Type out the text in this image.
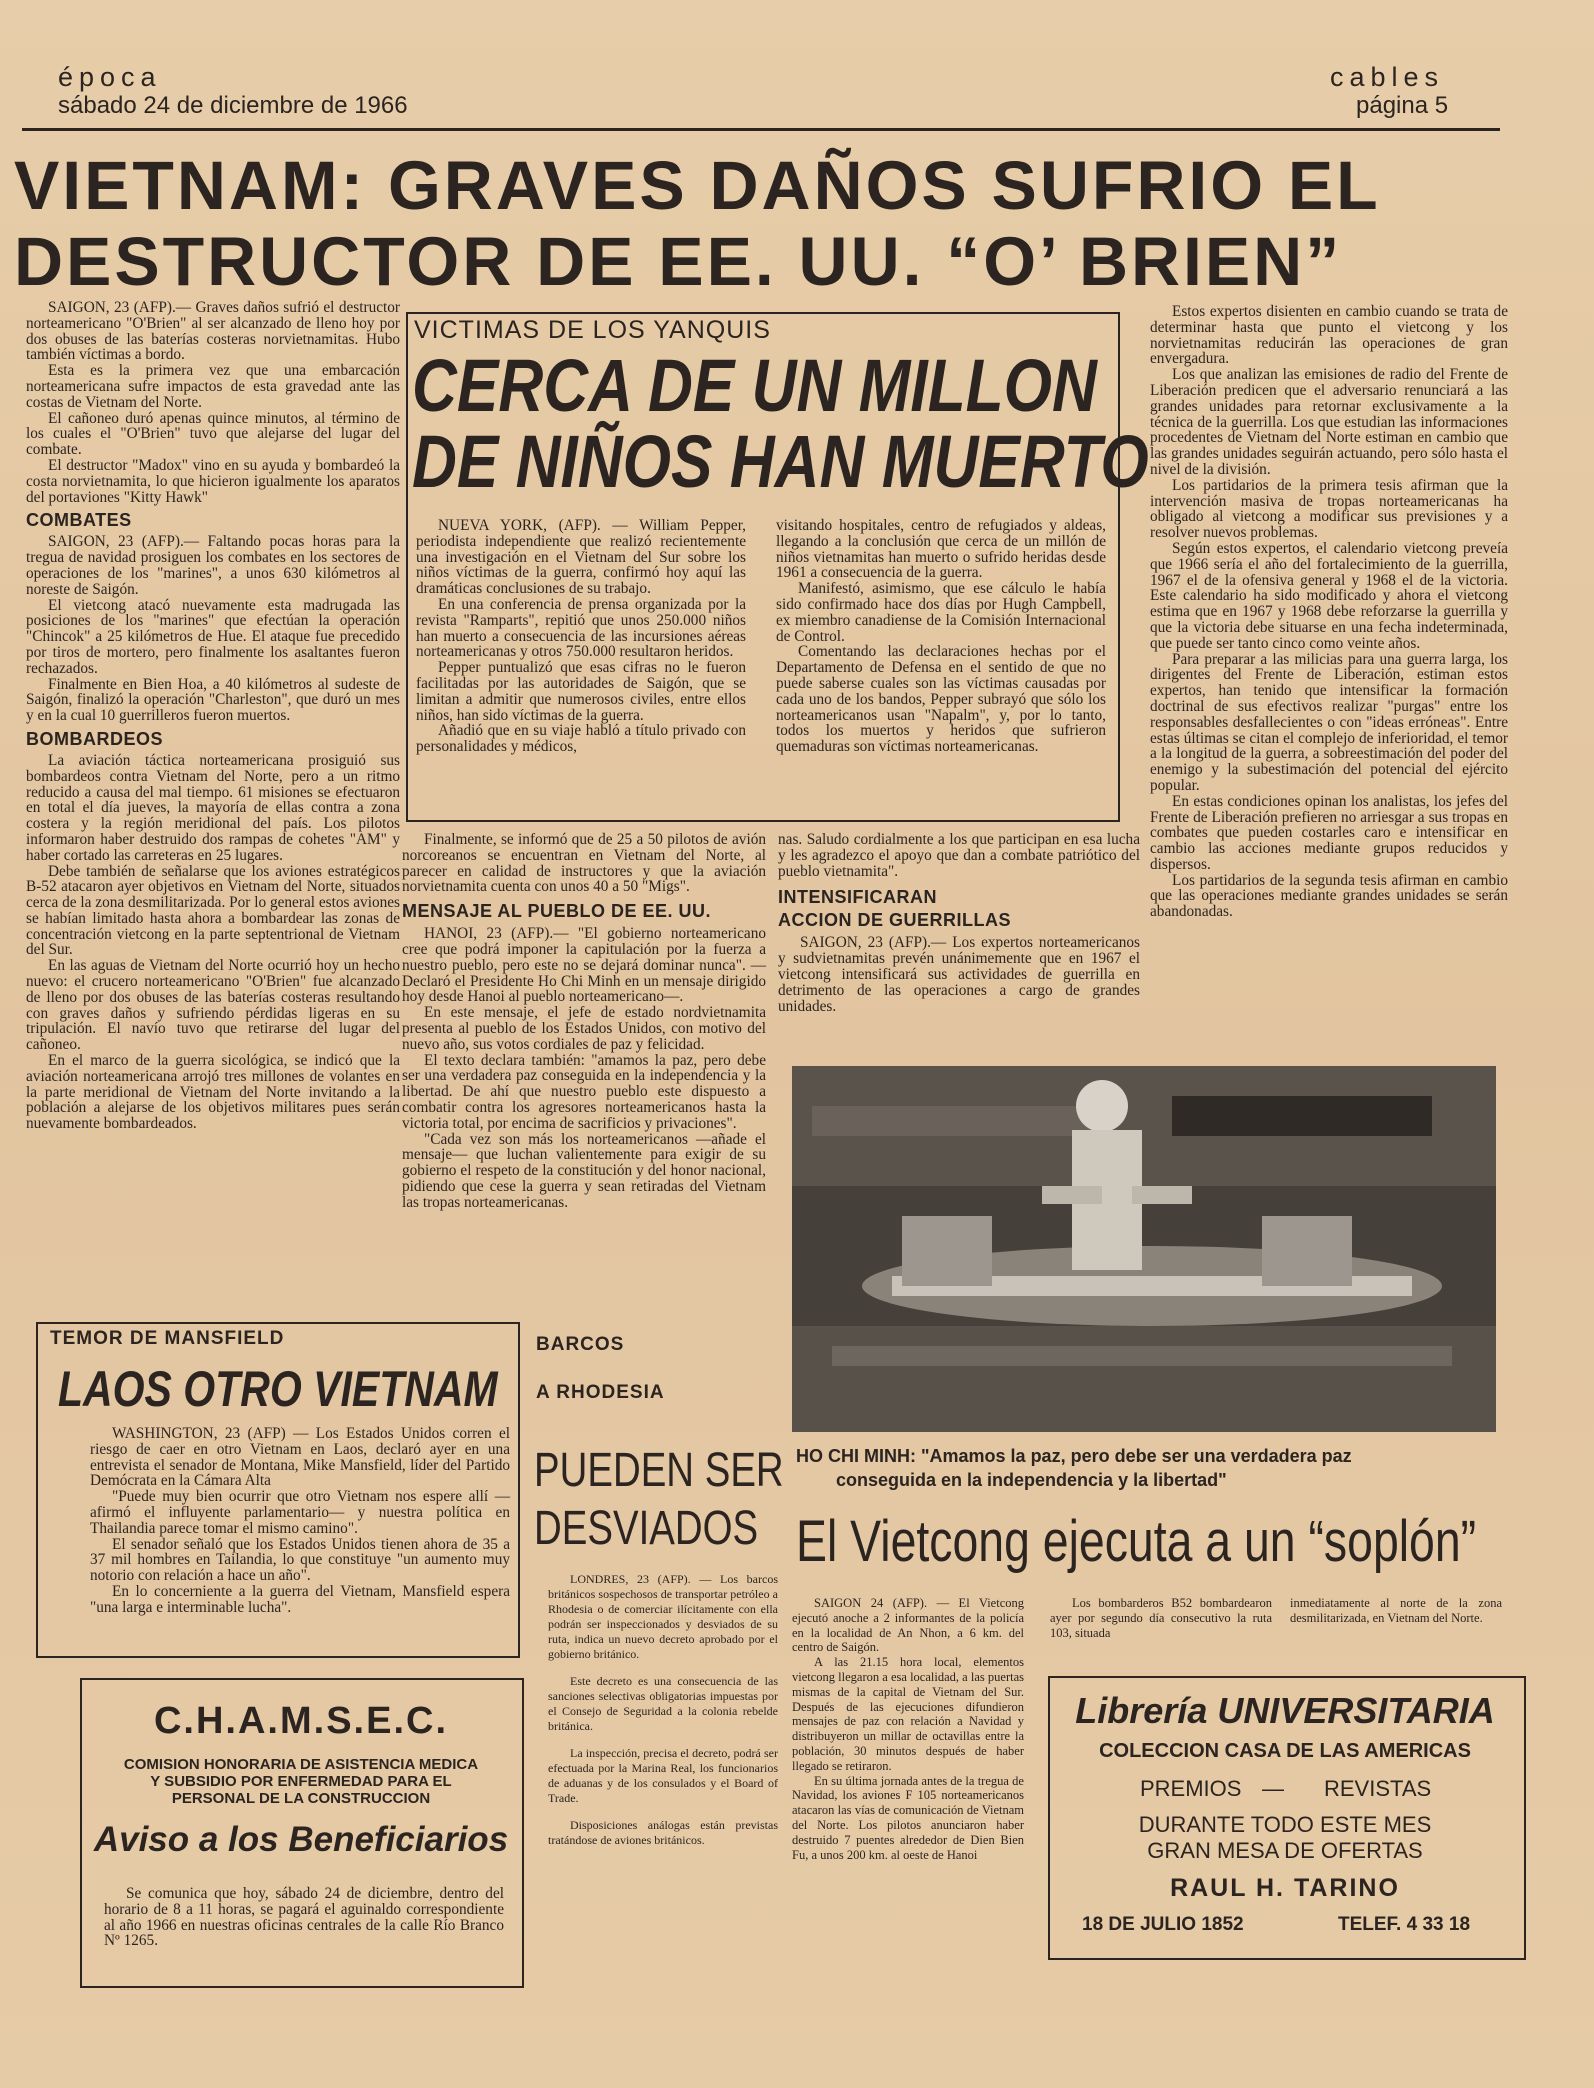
época
sábado 24 de diciembre de 1966
cables
página 5
VIETNAM: GRAVES DAÑOS SUFRIO EL
DESTRUCTOR DE EE. UU. “O’ BRIEN”

SAIGON, 23 (AFP).— Graves daños sufrió el destructor norteamericano "O'Brien" al ser alcanzado de lleno hoy por dos obuses de las baterías costeras norvietnamitas. Hubo también víctimas a bordo.

Esta es la primera vez que una embarcación norteamericana sufre impactos de esta gravedad ante las costas de Vietnam del Norte.

El cañoneo duró apenas quince minutos, al término de los cuales el "O'Brien" tuvo que alejarse del lugar del combate.

El destructor "Madox" vino en su ayuda y bombardeó la costa norvietnamita, lo que hicieron igualmente los aparatos del portaviones "Kitty Hawk"

COMBATES

SAIGON, 23 (AFP).— Faltando pocas horas para la tregua de navidad prosiguen los combates en los sectores de operaciones de los "marines", a unos 630 kilómetros al noreste de Saigón.

El vietcong atacó nuevamente esta madrugada las posiciones de los "marines" que efectúan la operación "Chincok" a 25 kilómetros de Hue. El ataque fue precedido por tiros de mortero, pero finalmente los asaltantes fueron rechazados.

Finalmente en Bien Hoa, a 40 kilómetros al sudeste de Saigón, finalizó la operación "Charleston", que duró un mes y en la cual 10 guerrilleros fueron muertos.

BOMBARDEOS

La aviación táctica norteamericana prosiguió sus bombardeos contra Vietnam del Norte, pero a un ritmo reducido a causa del mal tiempo. 61 misiones se efectuaron en total el día jueves, la mayoría de ellas contra a zona costera y la región meridional del país. Los pilotos informaron haber destruido dos rampas de cohetes "AM" y haber cortado las carreteras en 25 lugares.

Debe también de señalarse que los aviones estratégicos B-52 atacaron ayer objetivos en Vietnam del Norte, situados cerca de la zona desmilitarizada. Por lo general estos aviones se habían limitado hasta ahora a bombardear las zonas de concentración vietcong en la parte septentrional de Vietnam del Sur.

En las aguas de Vietnam del Norte ocurrió hoy un hecho nuevo: el crucero norteamericano "O'Brien" fue alcanzado de lleno por dos obuses de las baterías costeras resultando con graves daños y sufriendo pérdidas ligeras en su tripulación. El navío tuvo que retirarse del lugar del cañoneo.

En el marco de la guerra sicológica, se indicó que la aviación norteamericana arrojó tres millones de volantes en la parte meridional de Vietnam del Norte invitando a la población a alejarse de los objetivos militares pues serán nuevamente bombardeados.

VICTIMAS DE LOS YANQUIS
CERCA DE UN MILLON
DE NIÑOS HAN MUERTO

NUEVA YORK, (AFP). — William Pepper, periodista independiente que realizó recientemente una investigación en el Vietnam del Sur sobre los niños víctimas de la guerra, confirmó hoy aquí las dramáticas conclusiones de su trabajo.

En una conferencia de prensa organizada por la revista "Ramparts", repitió que unos 250.000 niños han muerto a consecuencia de las incursiones aéreas norteamericanas y otros 750.000 resultaron heridos.

Pepper puntualizó que esas cifras no le fueron facilitadas por las autoridades de Saigón, que se limitan a admitir que numerosos civiles, entre ellos niños, han sido víctimas de la guerra.

Añadió que en su viaje habló a título privado con personalidades y médicos,

visitando hospitales, centro de refugiados y aldeas, llegando a la conclusión que cerca de un millón de niños vietnamitas han muerto o sufrido heridas desde 1961 a consecuencia de la guerra.

Manifestó, asimismo, que ese cálculo le había sido confirmado hace dos días por Hugh Campbell, ex miembro canadiense de la Comisión Internacional de Control.

Comentando las declaraciones hechas por el Departamento de Defensa en el sentido de que no puede saberse cuales son las víctimas causadas por cada uno de los bandos, Pepper subrayó que sólo los norteamericanos usan "Napalm", y, por lo tanto, todos los muertos y heridos que sufrieron quemaduras son víctimas norteamericanas.

Finalmente, se informó que de 25 a 50 pilotos de avión norcoreanos se encuentran en Vietnam del Norte, al parecer en calidad de instructores y que la aviación norvietnamita cuenta con unos 40 a 50 "Migs".

MENSAJE AL PUEBLO DE EE. UU.

HANOI, 23 (AFP).— "El gobierno norteamericano cree que podrá imponer la capitulación por la fuerza a nuestro pueblo, pero este no se dejará dominar nunca". —Declaró el Presidente Ho Chi Minh en un mensaje dirigido hoy desde Hanoi al pueblo norteamericano—.

En este mensaje, el jefe de estado nordvietnamita presenta al pueblo de los Estados Unidos, con motivo del nuevo año, sus votos cordiales de paz y felicidad.

El texto declara también: "amamos la paz, pero debe ser una verdadera paz conseguida en la independencia y la libertad. De ahí que nuestro pueblo este dispuesto a combatir contra los agresores norteamericanos hasta la victoria total, por encima de sacrificios y privaciones".

"Cada vez son más los norteamericanos —añade el mensaje— que luchan valientemente para exigir de su gobierno el respeto de la constitución y del honor nacional, pidiendo que cese la guerra y sean retiradas del Vietnam las tropas norteamericanas.

nas. Saludo cordialmente a los que participan en esa lucha y les agradezco el apoyo que dan a combate patriótico del pueblo vietnamita".

INTENSIFICARAN
ACCION DE GUERRILLAS

SAIGON, 23 (AFP).— Los expertos norteamericanos y sudvietnamitas prevén unánimemente que en 1967 el vietcong intensificará sus actividades de guerrilla en detrimento de las operaciones a cargo de grandes unidades.

Estos expertos disienten en cambio cuando se trata de determinar hasta que punto el vietcong y los norvietnamitas reducirán las operaciones de gran envergadura.

Los que analizan las emisiones de radio del Frente de Liberación predicen que el adversario renunciará a las grandes unidades para retornar exclusivamente a la técnica de la guerrilla. Los que estudian las informaciones procedentes de Vietnam del Norte estiman en cambio que las grandes unidades seguirán actuando, pero sólo hasta el nivel de la división.

Los partidarios de la primera tesis afirman que la intervención masiva de tropas norteamericanas ha obligado al vietcong a modificar sus previsiones y a resolver nuevos problemas.

Según estos expertos, el calendario vietcong preveía que 1966 sería el año del fortalecimiento de la guerrilla, 1967 el de la ofensiva general y 1968 el de la victoria. Este calendario ha sido modificado y ahora el vietcong estima que en 1967 y 1968 debe reforzarse la guerrilla y que la victoria debe situarse en una fecha indeterminada, que puede ser tanto cinco como veinte años.

Para preparar a las milicias para una guerra larga, los dirigentes del Frente de Liberación, estiman estos expertos, han tenido que intensificar la formación doctrinal de sus efectivos realizar "purgas" entre los responsables desfallecientes o con "ideas erróneas". Entre estas últimas se citan el complejo de inferioridad, el temor a la longitud de la guerra, a sobreestimación del poder del enemigo y la subestimación del potencial del ejército popular.

En estas condiciones opinan los analistas, los jefes del Frente de Liberación prefieren no arriesgar a sus tropas en combates que pueden costarles caro e intensificar en cambio las acciones mediante grupos reducidos y dispersos.

Los partidarios de la segunda tesis afirman en cambio que las operaciones mediante grandes unidades se serán abandonadas.

HO CHI MINH: "Amamos la paz, pero debe ser una verdadera paz
conseguida en la independencia y la libertad"
TEMOR DE MANSFIELD
LAOS OTRO VIETNAM

WASHINGTON, 23 (AFP) — Los Estados Unidos corren el riesgo de caer en otro Vietnam en Laos, declaró ayer en una entrevista el senador de Montana, Mike Mansfield, líder del Partido Demócrata en la Cámara Alta

"Puede muy bien ocurrir que otro Vietnam nos espere allí —afirmó el influyente parlamentario— y nuestra política en Thailandia parece tomar el mismo camino".

El senador señaló que los Estados Unidos tienen ahora de 35 a 37 mil hombres en Tailandia, lo que constituye "un aumento muy notorio con relación a hace un año".

En lo concerniente a la guerra del Vietnam, Mansfield espera "una larga e interminable lucha".

C.H.A.M.S.E.C.
COMISION HONORARIA DE ASISTENCIA MEDICA
Y SUBSIDIO POR ENFERMEDAD PARA EL
PERSONAL DE LA CONSTRUCCION
Aviso a los Beneficiarios

Se comunica que hoy, sábado 24 de diciembre, dentro del horario de 8 a 11 horas, se pagará el aguinaldo correspondiente al año 1966 en nuestras oficinas centrales de la calle Río Branco Nº 1265.

BARCOS
A RHODESIA
PUEDEN SER
DESVIADOS

LONDRES, 23 (AFP). — Los barcos británicos sospechosos de transportar petróleo a Rhodesia o de comerciar ilícitamente con ella podrán ser inspeccionados y desviados de su ruta, indica un nuevo decreto aprobado por el gobierno británico.

Este decreto es una consecuencia de las sanciones selectivas obligatorias impuestas por el Consejo de Seguridad a la colonia rebelde británica.

La inspección, precisa el decreto, podrá ser efectuada por la Marina Real, los funcionarios de aduanas y de los consulados y el Board of Trade.

Disposiciones análogas están previstas tratándose de aviones británicos.

El Vietcong ejecuta a un “soplón”

SAIGON 24 (AFP). — El Vietcong ejecutó anoche a 2 informantes de la policía en la localidad de An Nhon, a 6 km. del centro de Saigón.

A las 21.15 hora local, elementos vietcong llegaron a esa localidad, a las puertas mismas de la capital de Vietnam del Sur. Después de las ejecuciones difundieron mensajes de paz con relación a Navidad y distribuyeron un millar de octavillas entre la población, 30 minutos después de haber llegado se retiraron.

En su última jornada antes de la tregua de Navidad, los aviones F 105 norteamericanos atacaron las vías de comunicación de Vietnam del Norte. Los pilotos anunciaron haber destruido 7 puentes alrededor de Dien Bien Fu, a unos 200 km. al oeste de Hanoi

Los bombarderos B52 bombardearon ayer por segundo día consecutivo la ruta 103, situada

inmediatamente al norte de la zona desmilitarizada, en Vietnam del Norte.

Librería UNIVERSITARIA
COLECCION CASA DE LAS AMERICAS
PREMIOS — REVISTAS
DURANTE TODO ESTE MES
GRAN MESA DE OFERTAS
RAUL H. TARINO
18 DE JULIO 1852	TELEF. 4 33 18
